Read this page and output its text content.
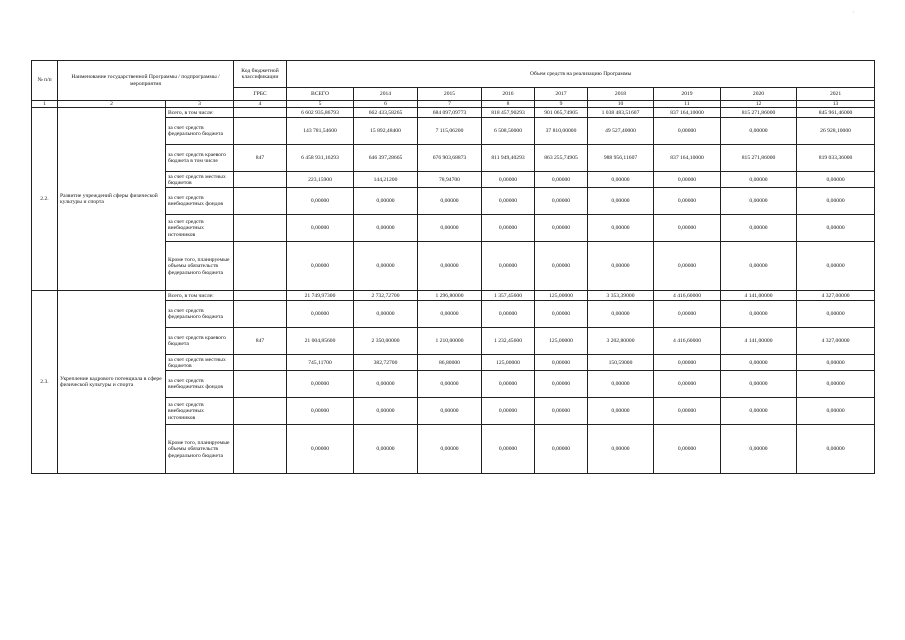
·
№ п/п	Наименование государственной Программы / подпрограммы / мероприятия		Код бюджетной классификации	Объем средств на реализацию Программы								
			ГРБС	ВСЕГО	2014	2015	2016	2017	2018	2019	2020	2021
1	2	3	4	5	6	7	8	9	10	11	12	13
2.2.	Развитие учреждений сферы физической культуры и спорта	Всего, в том числе:		6 602 935,86793	662 433,58265	684 097,09773	818 457,90293	901 065,74905	1 038 483,51607	837 164,10000	815 271,86000	845 961,46000
		за счет средств федерального бюджета		143 781,54600	15 892,48400	7 115,06200	6 508,50000	37 810,00000	49 527,40000	0,00000	0,00000	26 928,10000
		за счет средств краевого бюджета в том числе	847	6 458 931,16293	646 397,28665	676 903,68873	811 949,40293	863 255,74905	988 956,11607	837 164,10000	815 271,86000	819 033,36000
		за счет средств местных бюджетов		223,15900	144,21200	78,94700	0,00000	0,00000	0,00000	0,00000	0,00000	0,00000
		за счет средств внебюджетных фондов		0,00000	0,00000	0,00000	0,00000	0,00000	0,00000	0,00000	0,00000	0,00000
		за счет средств внебюджетных источников		0,00000	0,00000	0,00000	0,00000	0,00000	0,00000	0,00000	0,00000	0,00000
		Кроме того, планируемые объемы обязательств федерального бюджета		0,00000	0,00000	0,00000	0,00000	0,00000	0,00000	0,00000	0,00000	0,00000
2.3.	Укрепление кадрового потенциала в сфере физической культуры и спорта	Всего, в том числе:		21 749,97300	2 732,72700	1 296,80000	1 357,45600	125,00000	3 353,39000	4 416,60000	4 141,00000	4 327,00000
		за счет средств федерального бюджета		0,00000	0,00000	0,00000	0,00000	0,00000	0,00000	0,00000	0,00000	0,00000
		за счет средств краевого бюджета	847	21 004,85600	2 350,00000	1 210,00000	1 232,45600	125,00000	3 202,80000	4 416,60000	4 141,00000	4 327,00000
		за счет средств местных бюджетов		745,11700	382,72700	86,80000	125,00000	0,00000	150,59000	0,00000	0,00000	0,00000
		за счет средств внебюджетных фондов		0,00000	0,00000	0,00000	0,00000	0,00000	0,00000	0,00000	0,00000	0,00000
		за счет средств внебюджетных источников		0,00000	0,00000	0,00000	0,00000	0,00000	0,00000	0,00000	0,00000	0,00000
		Кроме того, планируемые объемы обязательств федерального бюджета		0,00000	0,00000	0,00000	0,00000	0,00000	0,00000	0,00000	0,00000	0,00000
